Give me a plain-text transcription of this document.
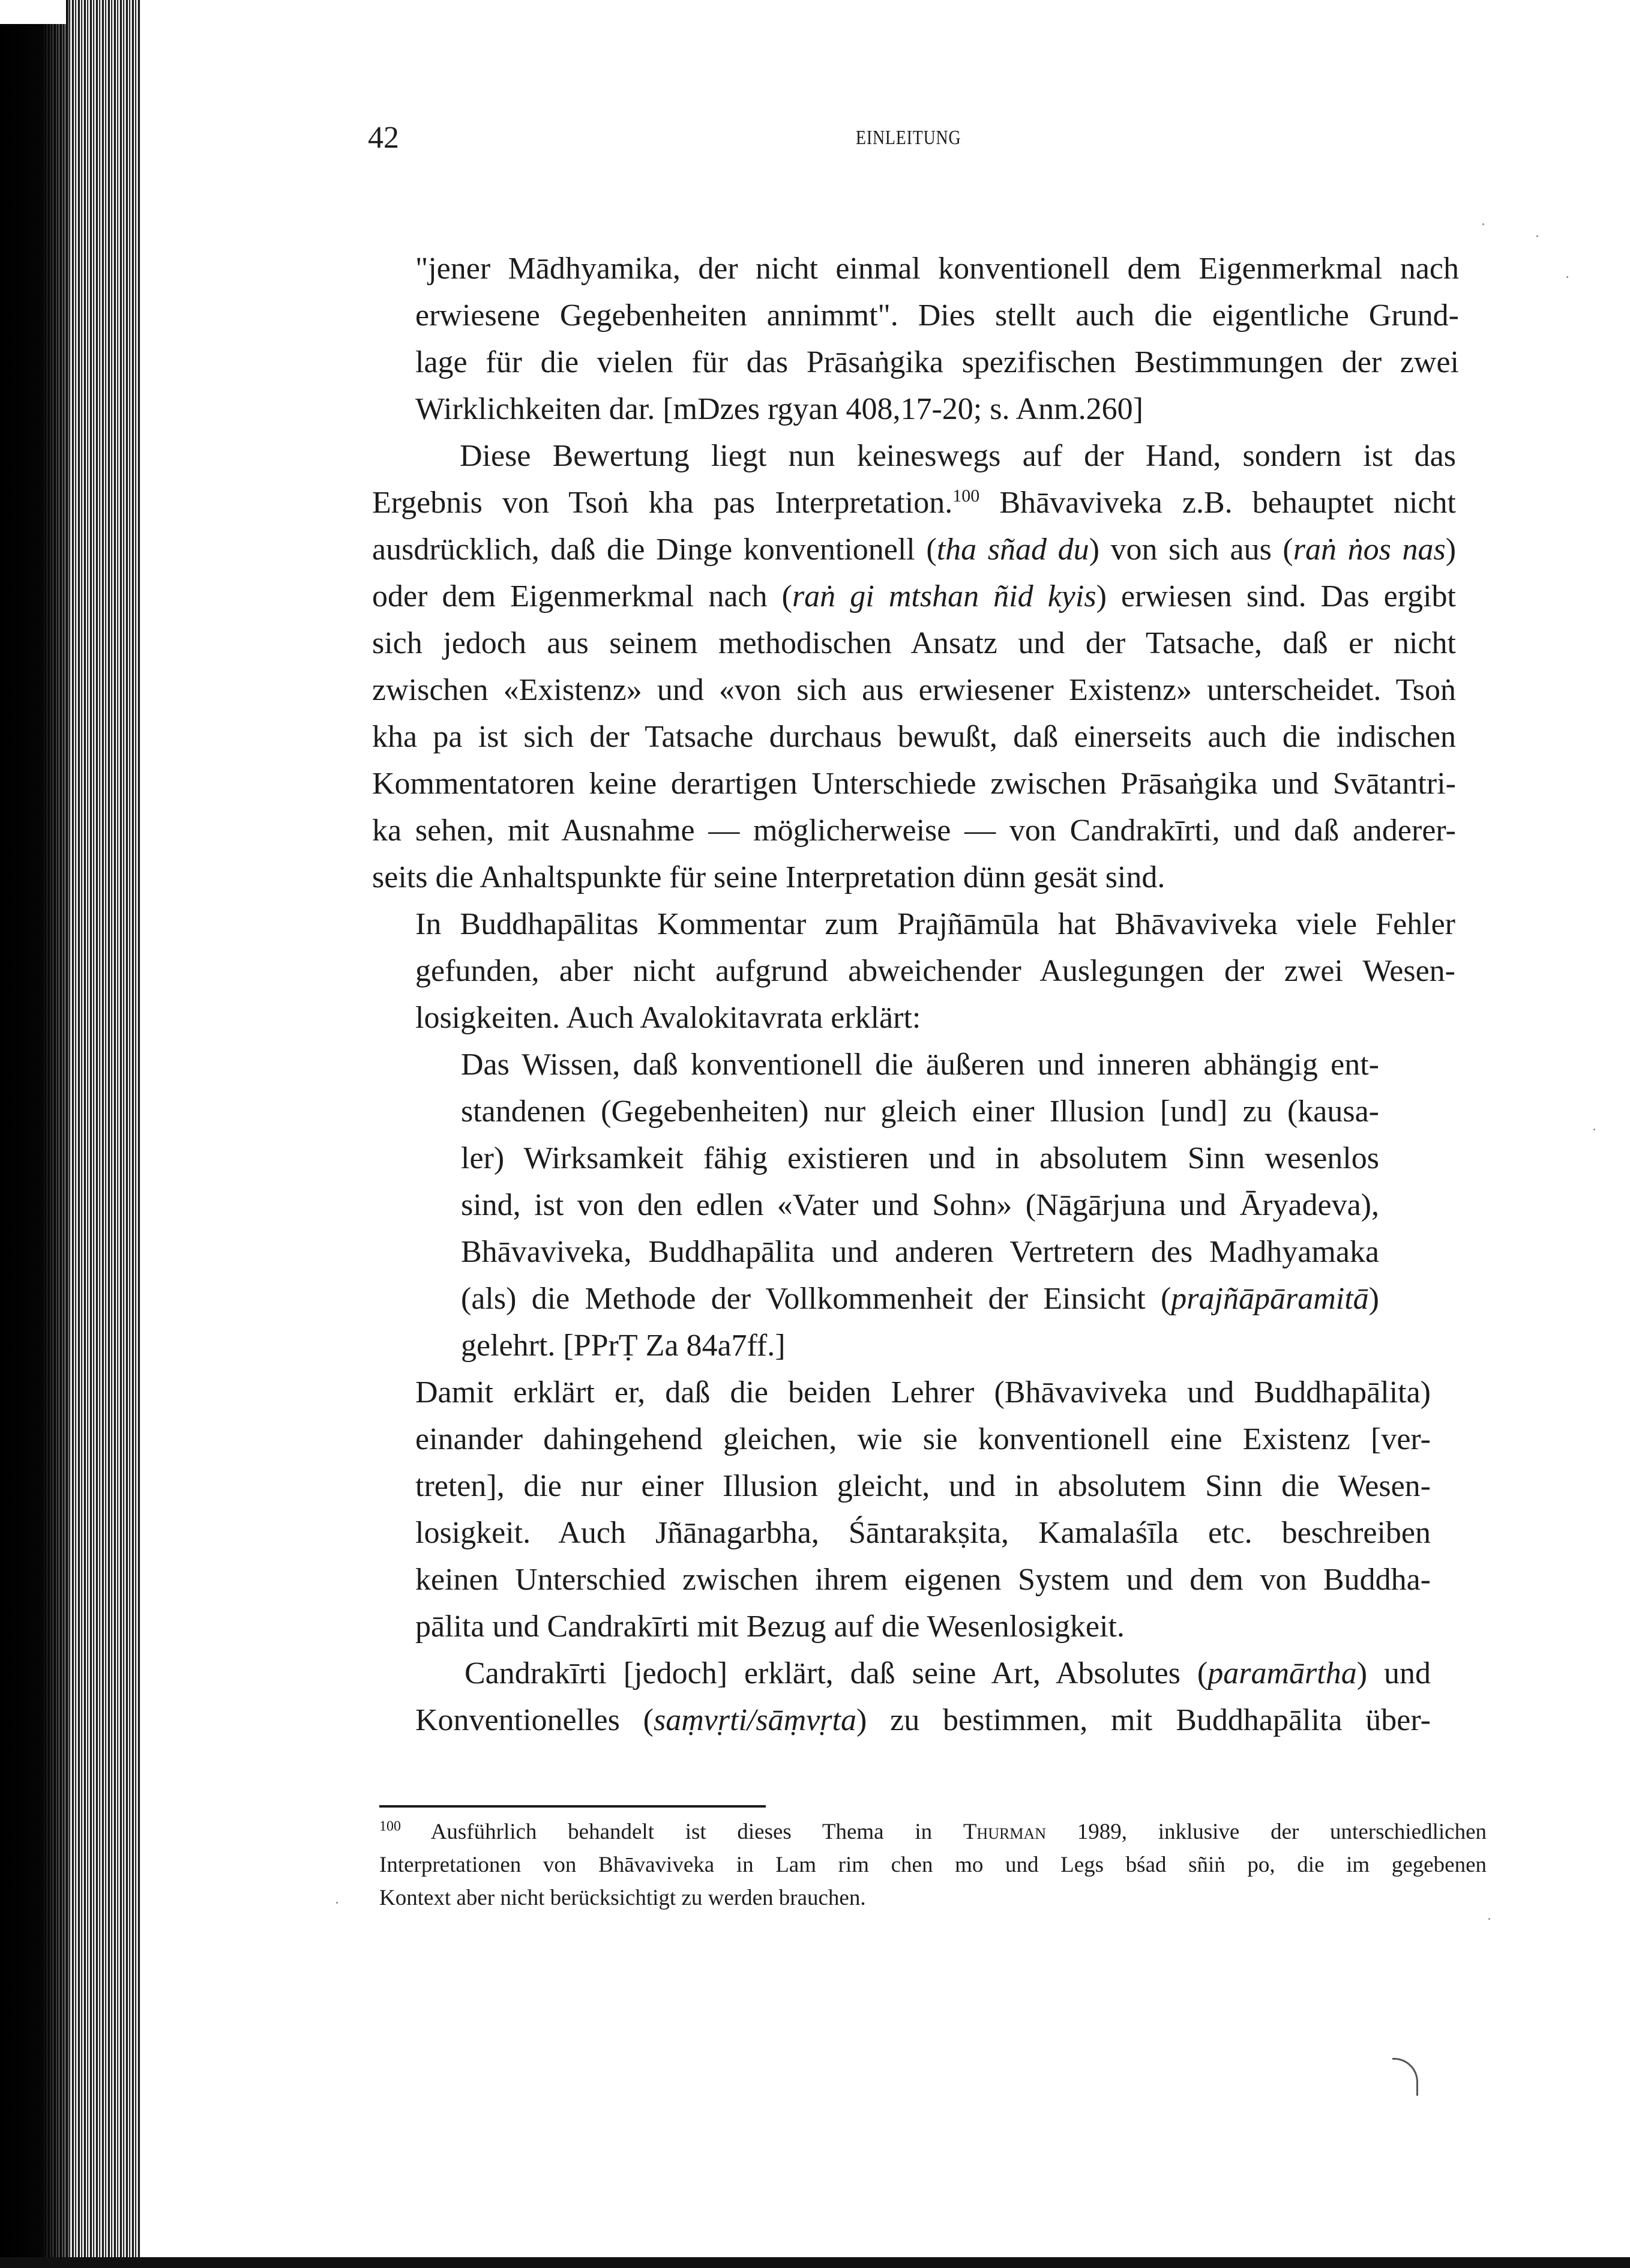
42	EINLEITUNG
"jener Mādhyamika, der nicht einmal konventionell dem Eigenmerkmal nach
erwiesene Gegebenheiten annimmt". Dies stellt auch die eigentliche Grund-
lage für die vielen für das Prāsaṅgika spezifischen Bestimmungen der zwei
Wirklichkeiten dar. [mDzes rgyan 408,17-20; s. Anm.260]
Diese Bewertung liegt nun keineswegs auf der Hand, sondern ist das
Ergebnis von Tsoṅ kha pas Interpretation.$^{100}$ Bhāvaviveka z.B. behauptet nicht
ausdrücklich, daß die Dinge konventionell (tha sñad du) von sich aus (raṅ ṅos nas)
oder dem Eigenmerkmal nach (raṅ gi mtshan ñid kyis) erwiesen sind. Das ergibt
sich jedoch aus seinem methodischen Ansatz und der Tatsache, daß er nicht
zwischen «Existenz» und «von sich aus erwiesener Existenz» unterscheidet. Tsoṅ
kha pa ist sich der Tatsache durchaus bewußt, daß einerseits auch die indischen
Kommentatoren keine derartigen Unterschiede zwischen Prāsaṅgika und Svātantri-
ka sehen, mit Ausnahme — möglicherweise — von Candrakīrti, und daß anderer-
seits die Anhaltspunkte für seine Interpretation dünn gesät sind.
In Buddhapālitas Kommentar zum Prajñāmūla hat Bhāvaviveka viele Fehler
gefunden, aber nicht aufgrund abweichender Auslegungen der zwei Wesen-
losigkeiten. Auch Avalokitavrata erklärt:
Das Wissen, daß konventionell die äußeren und inneren abhängig ent-
standenen (Gegebenheiten) nur gleich einer Illusion [und] zu (kausa-
ler) Wirksamkeit fähig existieren und in absolutem Sinn wesenlos
sind, ist von den edlen «Vater und Sohn» (Nāgārjuna und Āryadeva),
Bhāvaviveka, Buddhapālita und anderen Vertretern des Madhyamaka
(als) die Methode der Vollkommenheit der Einsicht (prajñāpāramitā)
gelehrt. [PPrṬ Za 84a7ff.]
Damit erklärt er, daß die beiden Lehrer (Bhāvaviveka und Buddhapālita)
einander dahingehend gleichen, wie sie konventionell eine Existenz [ver-
treten], die nur einer Illusion gleicht, und in absolutem Sinn die Wesen-
losigkeit. Auch Jñānagarbha, Śāntarakṣita, Kamalaśīla etc. beschreiben
keinen Unterschied zwischen ihrem eigenen System und dem von Buddha-
pālita und Candrakīrti mit Bezug auf die Wesenlosigkeit.
Candrakīrti [jedoch] erklärt, daß seine Art, Absolutes (paramārtha) und
Konventionelles (saṃvṛti/sāṃvṛta) zu bestimmen, mit Buddhapālita über-
$^{100}$ Ausführlich behandelt ist dieses Thema in Thurman 1989, inklusive der unterschiedlichen
Interpretationen von Bhāvaviveka in Lam rim chen mo und Legs bśad sñiṅ po, die im gegebenen
Kontext aber nicht berücksichtigt zu werden brauchen.
